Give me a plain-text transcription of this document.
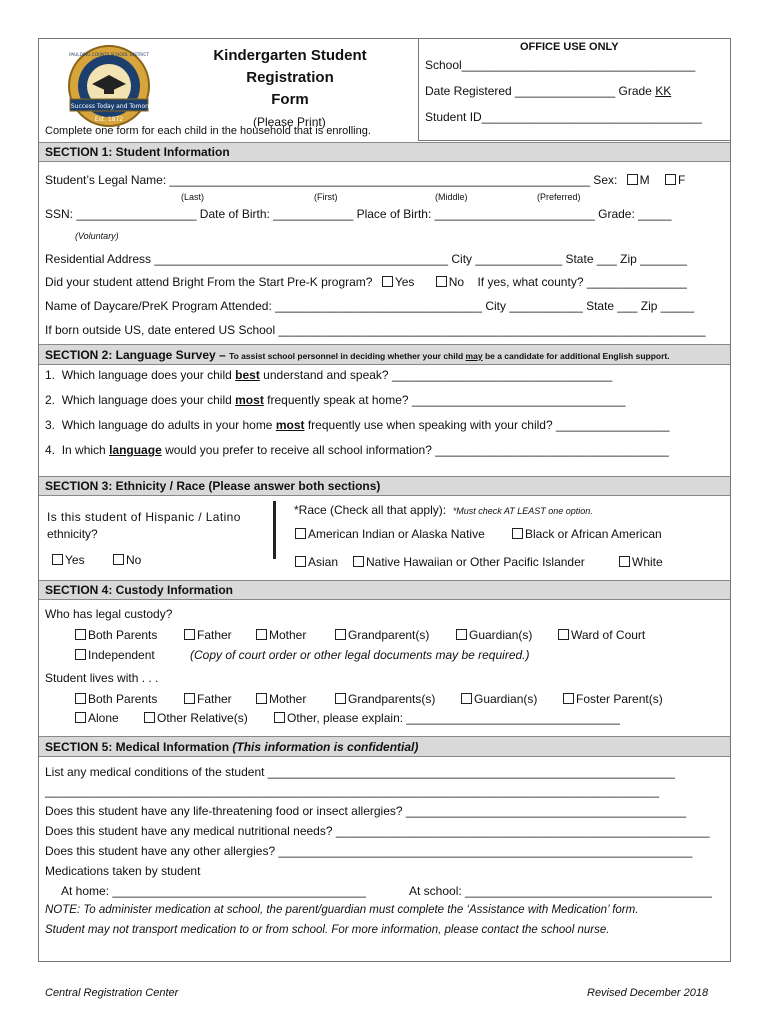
For Success Today and Tomorrow
Est. 1872
PAULDING COUNTY SCHOOL DISTRICT	Kindergarten Student
Registration
Form
(Please Print)
Complete one form for each child in the household that is enrolling.
OFFICE USE ONLY
School___________________________________
Date Registered _______________ Grade KK
Student ID_________________________________
SECTION 1: Student Information
Student’s Legal Name: _______________________________________________________________ Sex: M F
(Last)	(First)	(Middle)	(Preferred)
SSN: __________________ Date of Birth: ____________ Place of Birth: ________________________ Grade: _____
(Voluntary)
Residential Address ____________________________________________ City _____________ State ___ Zip _______
Did your student attend Bright From the Start Pre-K program? Yes	No If yes, what county? _______________
Name of Daycare/PreK Program Attended: _______________________________ City ___________ State ___ Zip _____
If born outside US, date entered US School ________________________________________________________________
SECTION 2: Language Survey – To assist school personnel in deciding whether your child may be a candidate for additional English support.
1. Which language does your child best understand and speak? _________________________________
2. Which language does your child most frequently speak at home? ________________________________
3. Which language do adults in your home most frequently use when speaking with your child? _________________
4. In which language would you prefer to receive all school information? ___________________________________
SECTION 3: Ethnicity / Race (Please answer both sections)
Is this student of Hispanic / Latino
ethnicity?
Yes	No
*Race (Check all that apply): *Must check AT LEAST one option.
American Indian or Alaska Native	Black or African American
Asian	Native Hawaiian or Other Pacific Islander	White
SECTION 4: Custody Information
Who has legal custody?
Both Parents	Father	Mother	Grandparent(s)	Guardian(s)	Ward of Court
Independent	(Copy of court order or other legal documents may be required.)
Student lives with . . .
Both Parents	Father	Mother	Grandparents(s)	Guardian(s)	Foster Parent(s)
Alone	Other Relative(s)	Other, please explain: ________________________________
SECTION 5: Medical Information (This information is confidential)
List any medical conditions of the student _____________________________________________________________
____________________________________________________________________________________________
Does this student have any life-threatening food or insect allergies? __________________________________________
Does this student have any medical nutritional needs? ________________________________________________________
Does this student have any other allergies? ______________________________________________________________
Medications taken by student
At home: ______________________________________	At school: _____________________________________
NOTE: To administer medication at school, the parent/guardian must complete the ‘Assistance with Medication’ form.
Student may not transport medication to or from school. For more information, please contact the school nurse.
Central Registration Center	Revised December 2018
